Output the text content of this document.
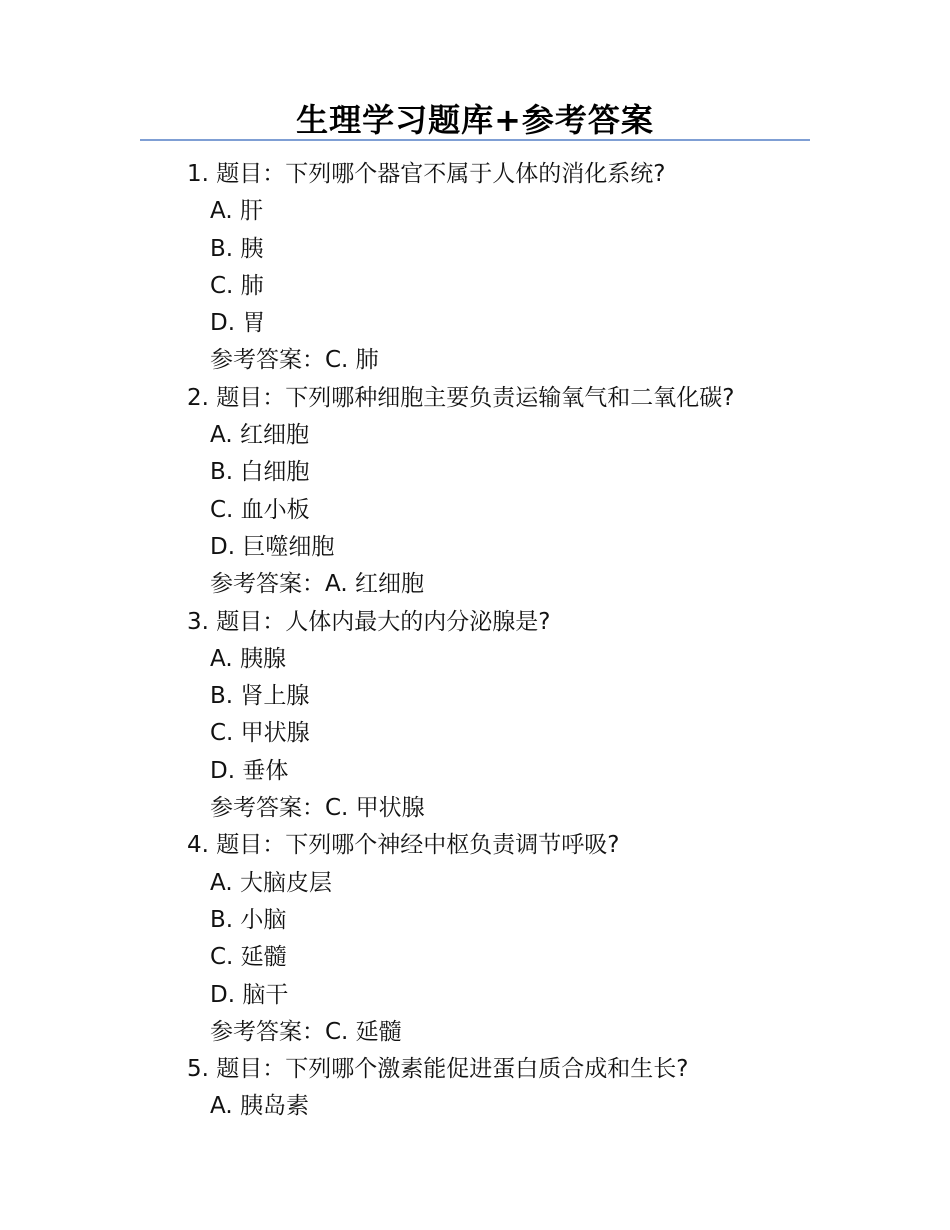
生理学习题库+参考答案
1. 题目：下列哪个器官不属于人体的消化系统?
A. 肝
B. 胰
C. 肺
D. 胃
参考答案：C. 肺
2. 题目：下列哪种细胞主要负责运输氧气和二氧化碳?
A. 红细胞
B. 白细胞
C. 血小板
D. 巨噬细胞
参考答案：A. 红细胞
3. 题目：人体内最大的内分泌腺是?
A. 胰腺
B. 肾上腺
C. 甲状腺
D. 垂体
参考答案：C. 甲状腺
4. 题目：下列哪个神经中枢负责调节呼吸?
A. 大脑皮层
B. 小脑
C. 延髓
D. 脑干
参考答案：C. 延髓
5. 题目：下列哪个激素能促进蛋白质合成和生长?
A. 胰岛素
